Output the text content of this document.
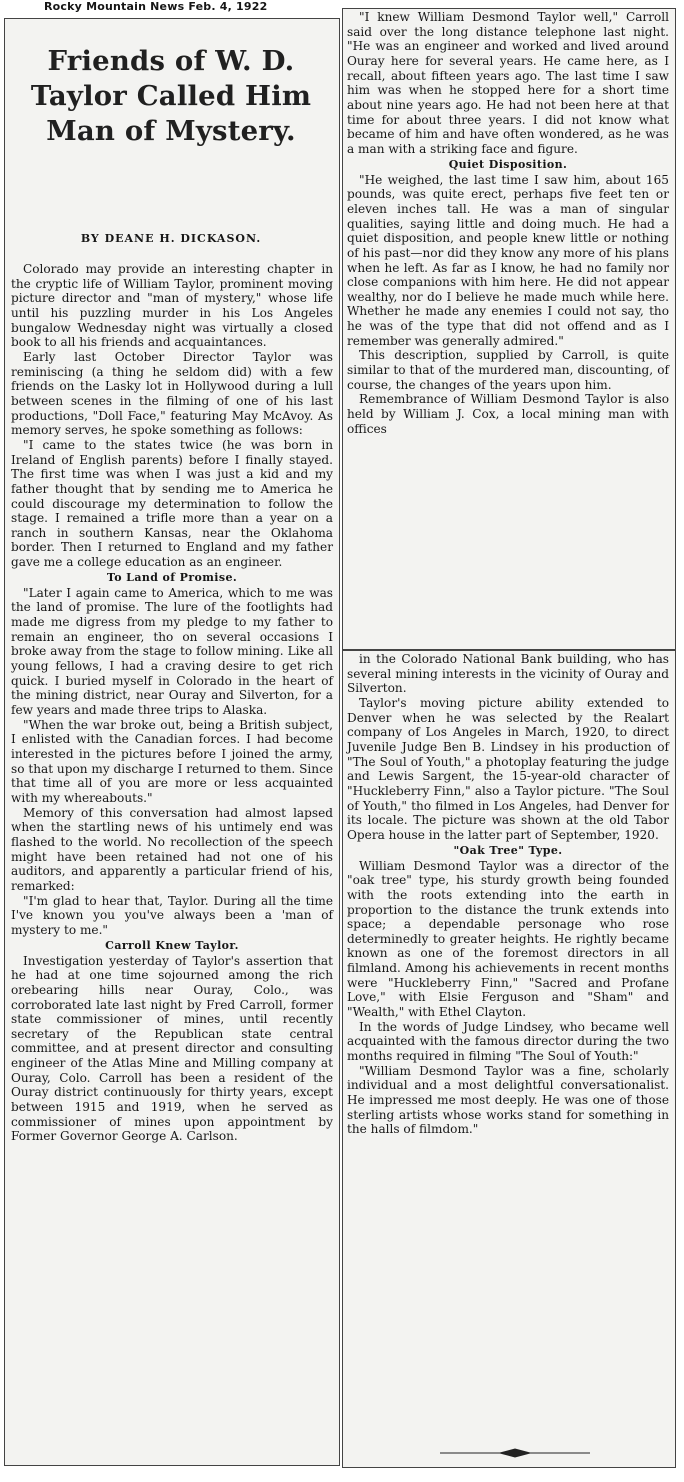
Rocky Mountain News Feb. 4, 1922
Friends of W. D. Taylor Called Him Man of Mystery.
BY DEANE H. DICKASON.

Colorado may provide an interesting chapter in the cryptic life of William Taylor, prominent moving picture director and "man of mystery," whose life until his puzzling murder in his Los Angeles bungalow Wednesday night was virtually a closed book to all his friends and acquaintances.

Early last October Director Taylor was reminiscing (a thing he seldom did) with a few friends on the Lasky lot in Hollywood during a lull between scenes in the filming of one of his last productions, "Doll Face," featuring May McAvoy. As memory serves, he spoke something as follows:

"I came to the states twice (he was born in Ireland of English parents) before I finally stayed. The first time was when I was just a kid and my father thought that by sending me to America he could discourage my determination to follow the stage. I remained a trifle more than a year on a ranch in southern Kansas, near the Oklahoma border. Then I returned to England and my father gave me a college education as an engineer.

To Land of Promise.

"Later I again came to America, which to me was the land of promise. The lure of the footlights had made me digress from my pledge to my father to remain an engineer, tho on several occasions I broke away from the stage to follow mining. Like all young fellows, I had a craving desire to get rich quick. I buried myself in Colorado in the heart of the mining district, near Ouray and Silverton, for a few years and made three trips to Alaska.

"When the war broke out, being a British subject, I enlisted with the Canadian forces. I had become interested in the pictures before I joined the army, so that upon my discharge I returned to them. Since that time all of you are more or less acquainted with my whereabouts."

Memory of this conversation had almost lapsed when the startling news of his untimely end was flashed to the world. No recollection of the speech might have been retained had not one of his auditors, and apparently a particular friend of his, remarked:

"I'm glad to hear that, Taylor. During all the time I've known you you've always been a 'man of mystery to me."

Carroll Knew Taylor.

Investigation yesterday of Taylor's assertion that he had at one time sojourned among the rich orebearing hills near Ouray, Colo., was corroborated late last night by Fred Carroll, former state commissioner of mines, until recently secretary of the Republican state central committee, and at present director and consulting engineer of the Atlas Mine and Milling company at Ouray, Colo. Carroll has been a resident of the Ouray district continuously for thirty years, except between 1915 and 1919, when he served as commissioner of mines upon appointment by Former Governor George A. Carlson.

"I knew William Desmond Taylor well," Carroll said over the long distance telephone last night. "He was an engineer and worked and lived around Ouray here for several years. He came here, as I recall, about fifteen years ago. The last time I saw him was when he stopped here for a short time about nine years ago. He had not been here at that time for about three years. I did not know what became of him and have often wondered, as he was a man with a striking face and figure.

Quiet Disposition.

"He weighed, the last time I saw him, about 165 pounds, was quite erect, perhaps five feet ten or eleven inches tall. He was a man of singular qualities, saying little and doing much. He had a quiet disposition, and people knew little or nothing of his past—nor did they know any more of his plans when he left. As far as I know, he had no family nor close companions with him here. He did not appear wealthy, nor do I believe he made much while here. Whether he made any enemies I could not say, tho he was of the type that did not offend and as I remember was generally admired."

This description, supplied by Carroll, is quite similar to that of the murdered man, discounting, of course, the changes of the years upon him.

Remembrance of William Desmond Taylor is also held by William J. Cox, a local mining man with offices

in the Colorado National Bank building, who has several mining interests in the vicinity of Ouray and Silverton.

Taylor's moving picture ability extended to Denver when he was selected by the Realart company of Los Angeles in March, 1920, to direct Juvenile Judge Ben B. Lindsey in his production of "The Soul of Youth," a photoplay featuring the judge and Lewis Sargent, the 15-year-old character of "Huckleberry Finn," also a Taylor picture. "The Soul of Youth," tho filmed in Los Angeles, had Denver for its locale. The picture was shown at the old Tabor Opera house in the latter part of September, 1920.

"Oak Tree" Type.

William Desmond Taylor was a director of the "oak tree" type, his sturdy growth being founded with the roots extending into the earth in proportion to the distance the trunk extends into space; a dependable personage who rose determinedly to greater heights. He rightly became known as one of the foremost directors in all filmland. Among his achievements in recent months were "Huckleberry Finn," "Sacred and Profane Love," with Elsie Ferguson and "Sham" and "Wealth," with Ethel Clayton.

In the words of Judge Lindsey, who became well acquainted with the famous director during the two months required in filming "The Soul of Youth:"

"William Desmond Taylor was a fine, scholarly individual and a most delightful conversationalist. He impressed me most deeply. He was one of those sterling artists whose works stand for something in the halls of filmdom."
